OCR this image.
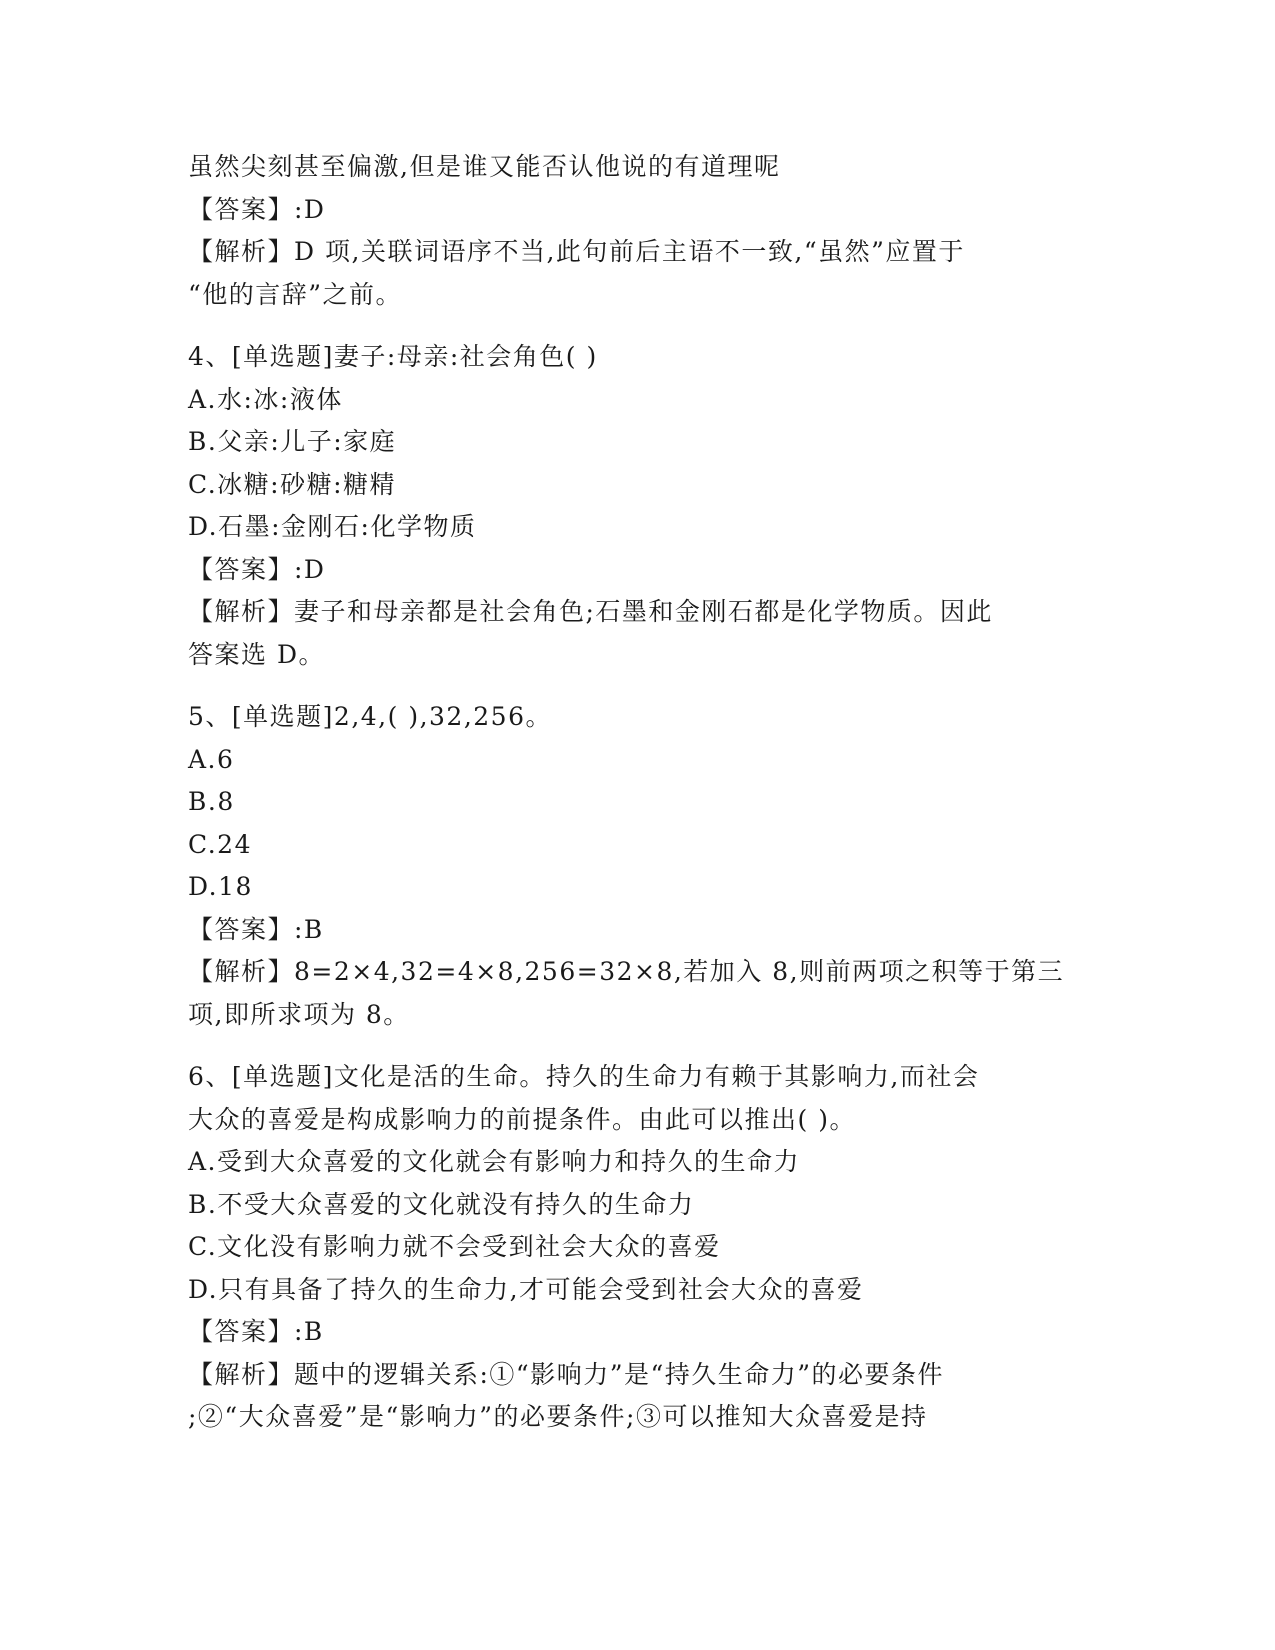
虽然尖刻甚至偏激,但是谁又能否认他说的有道理呢
【答案】:D
【解析】D 项,关联词语序不当,此句前后主语不一致,“虽然”应置于
“他的言辞”之前。
4、[单选题]妻子:母亲:社会角色( )
A.水:冰:液体
B.父亲:儿子:家庭
C.冰糖:砂糖:糖精
D.石墨:金刚石:化学物质
【答案】:D
【解析】妻子和母亲都是社会角色;石墨和金刚石都是化学物质。因此
答案选 D。
5、[单选题]2,4,( ),32,256。
A.6
B.8
C.24
D.18
【答案】:B
【解析】8=2×4,32=4×8,256=32×8,若加入 8,则前两项之积等于第三
项,即所求项为 8。
6、[单选题]文化是活的生命。持久的生命力有赖于其影响力,而社会
大众的喜爱是构成影响力的前提条件。由此可以推出( )。
A.受到大众喜爱的文化就会有影响力和持久的生命力
B.不受大众喜爱的文化就没有持久的生命力
C.文化没有影响力就不会受到社会大众的喜爱
D.只有具备了持久的生命力,才可能会受到社会大众的喜爱
【答案】:B
【解析】题中的逻辑关系:①“影响力”是“持久生命力”的必要条件
;②“大众喜爱”是“影响力”的必要条件;③可以推知大众喜爱是持
